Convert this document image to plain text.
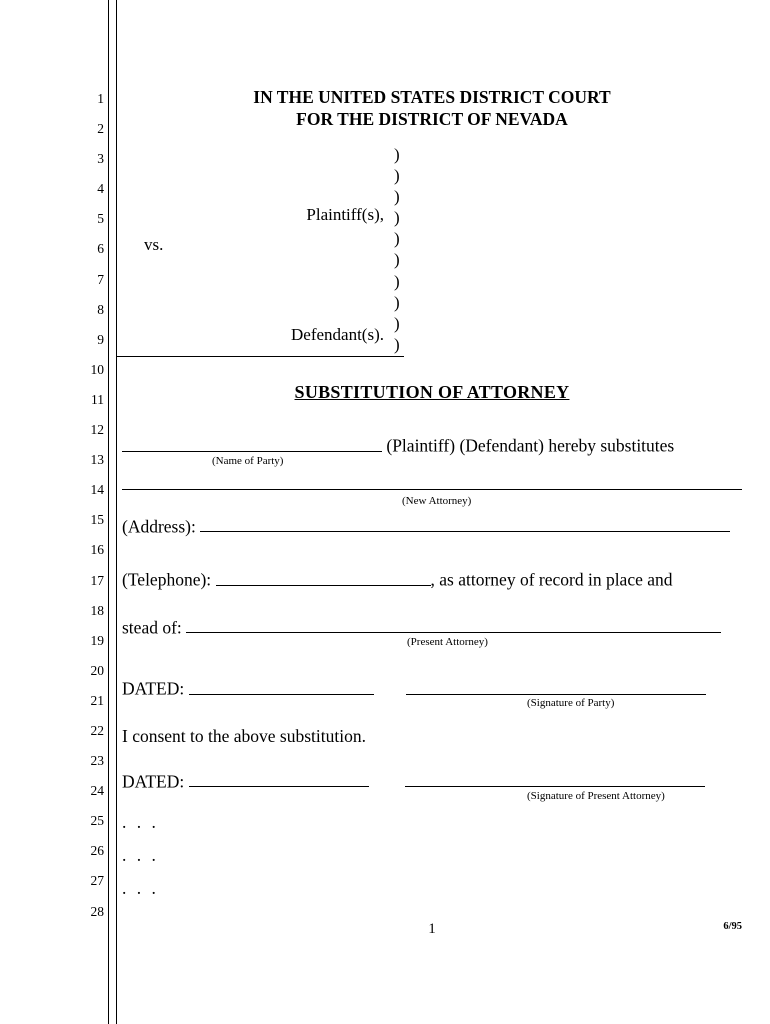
1
2
3
4
5
6
7
8
9
10
11
12
13
14
15
16
17
18
19
20
21
22
23
24
25
26
27
28
IN THE UNITED STATES DISTRICT COURT
FOR THE DISTRICT OF NEVADA
)
)
)
)
)
)
)
)
)
)
Plaintiff(s),
vs.
Defendant(s).
SUBSTITUTION OF ATTORNEY
(Plaintiff) (Defendant) hereby substitutes
(Name of Party)
(New Attorney)
(Address):
(Telephone):	, as attorney of record in place and
stead of:
(Present Attorney)
DATED:
(Signature of Party)
I consent to the above substitution.
DATED:
(Signature of Present Attorney)
. . .
. . .
. . .
1	6/95
